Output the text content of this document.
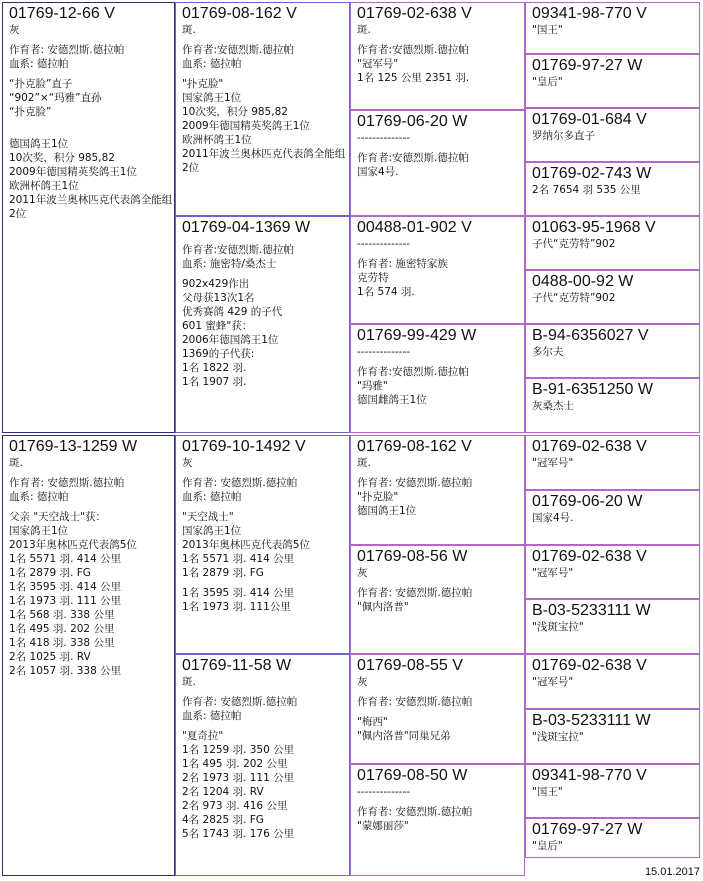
01769-12-66 V

灰

作育者: 安德烈斯.德拉帕

血系: 德拉帕

“扑克脸”直子

“902”×“玛雅”直孙

“扑克脸”

德国鸽王1位

10次奖，积分 985,82

2009年德国精英奖鸽王1位

欧洲杯鸽王1位

2011年波兰奥林匹克代表鸽全能组2位

01769-08-162 V

斑.

作育者:安德烈斯.德拉帕

血系: 德拉帕

"扑克脸"

国家鸽王1位

10次奖，积分 985,82

2009年德国精英奖鸽王1位

欧洲杯鸽王1位

2011年波兰奥林匹克代表鸽全能组2位

01769-04-1369 W

作育者:安德烈斯.德拉帕

血系: 施密特/桑杰士

902x429作出

父母获13次1名

优秀赛鸽 429 的子代

601 蜜蜂"获：

2006年德国鸽王1位

1369的子代获:

1名 1822 羽.

1名 1907 羽.

01769-02-638 V

斑.

作育者:安德烈斯.德拉帕

"冠军号"

1名 125 公里 2351 羽.

01769-06-20 W

--------------

作育者:安德烈斯.德拉帕

国家4号.

00488-01-902 V

--------------

作育者: 施密特家族

克劳特

1名 574 羽.

01769-99-429 W

--------------

作育者:安德烈斯.德拉帕

"玛雅"

德国雌鸽王1位

09341-98-770 V

"国王"

01769-97-27 W

"皇后"

01769-01-684 V

罗纳尔多直子

01769-02-743 W

2名 7654 羽 535 公里

01063-95-1968 V

子代“克劳特”902

0488-00-92 W

子代“克劳特”902

B-94-6356027 V

多尔夫

B-91-6351250 W

灰桑杰士

01769-13-1259 W

斑.

作育者: 安德烈斯.德拉帕

血系: 德拉帕

父亲 "天空战士"获：

国家鸽王1位

2013年奥林匹克代表鸽5位

1名 5571 羽. 414 公里

1名 2879 羽. FG

1名 3595 羽. 414 公里

1名 1973 羽. 111 公里

1名 568 羽. 338 公里

1名 495 羽. 202 公里

1名 418 羽. 338 公里

2名 1025 羽. RV

2名 1057 羽. 338 公里

01769-10-1492 V

灰

作育者: 安德烈斯.德拉帕

血系: 德拉帕

"天空战士"

国家鸽王1位

2013年奥林匹克代表鸽5位

1名 5571 羽. 414 公里

1名 2879 羽. FG

1名 3595 羽. 414 公里

1名 1973 羽. 111公里

01769-11-58 W

斑.

作育者: 安德烈斯.德拉帕

血系: 德拉帕

"夏奇拉"

1名 1259 羽. 350 公里

1名 495 羽. 202 公里

2名 1973 羽. 111 公里

2名 1204 羽. RV

2名 973 羽. 416 公里

4名 2825 羽. FG

5名 1743 羽. 176 公里

01769-08-162 V

斑.

作育者: 安德烈斯.德拉帕

"扑克脸"

德国鸽王1位

01769-08-56 W

灰

作育者: 安德烈斯.德拉帕

"佩内洛普"

01769-08-55 V

灰

作育者: 安德烈斯.德拉帕

"梅西"

"佩内洛普"同巢兄弟

01769-08-50 W

--------------

作育者: 安德烈斯.德拉帕

"蒙娜丽莎"

01769-02-638 V

"冠军号"

01769-06-20 W

国家4号.

01769-02-638 V

"冠军号"

B-03-5233111 W

"浅斑宝拉"

01769-02-638 V

"冠军号"

B-03-5233111 W

"浅斑宝拉"

09341-98-770 V

"国王"

01769-97-27 W

"皇后"

15.01.2017
